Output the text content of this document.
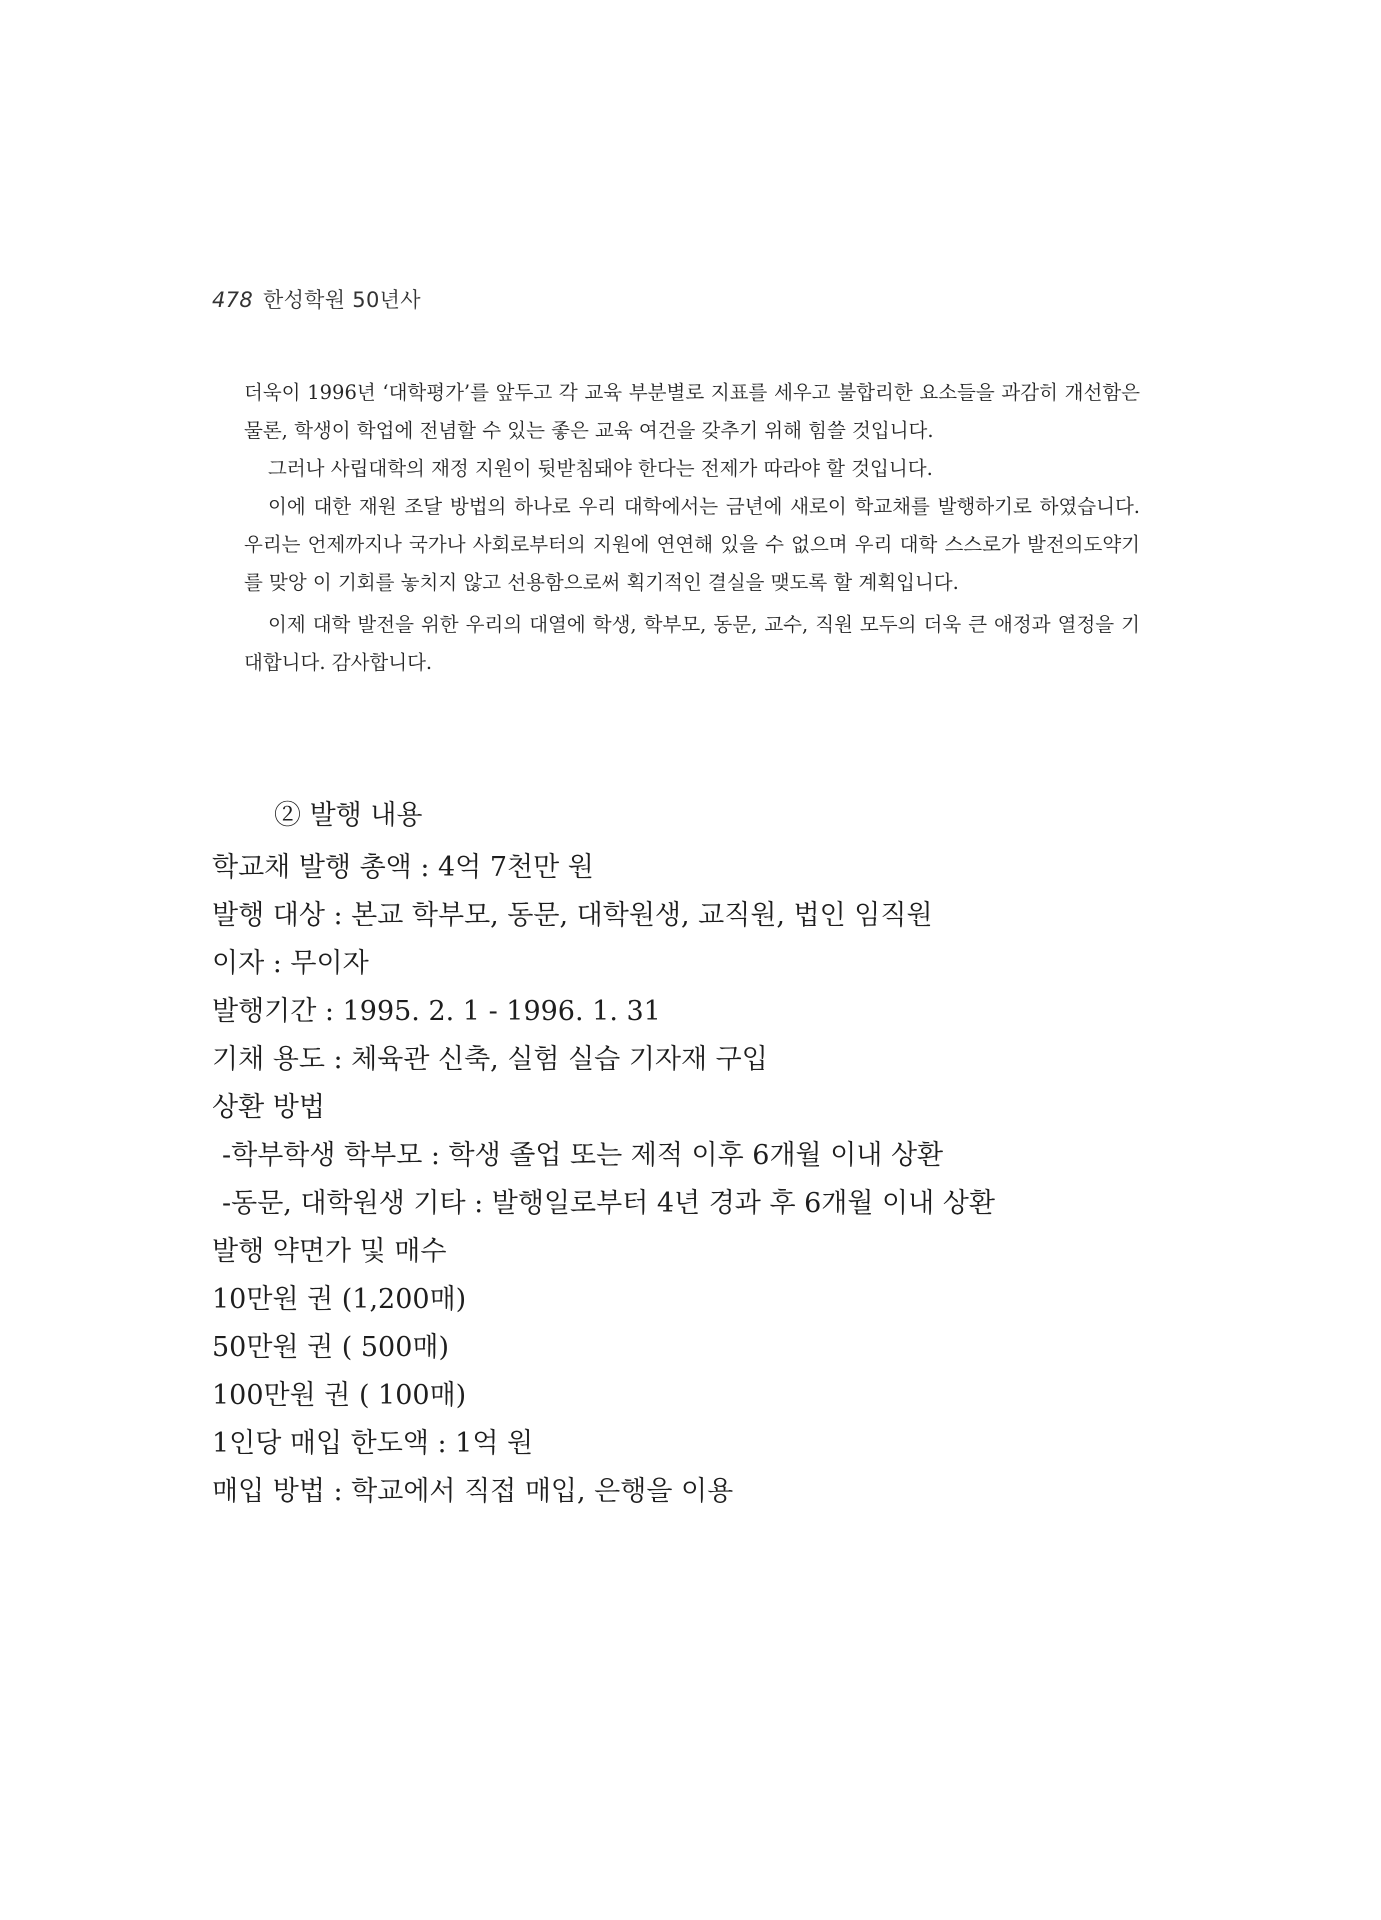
478 한성학원 50년사

더욱이 1996년 ‘대학평가’를 앞두고 각 교육 부분별로 지표를 세우고 불합리한 요소들을 과감히 개선함은 물론, 학생이 학업에 전념할 수 있는 좋은 교육 여건을 갖추기 위해 힘쓸 것입니다.

그러나 사립대학의 재정 지원이 뒷받침돼야 한다는 전제가 따라야 할 것입니다.

이에 대한 재원 조달 방법의 하나로 우리 대학에서는 금년에 새로이 학교채를 발행하기로 하였습니다. 우리는 언제까지나 국가나 사회로부터의 지원에 연연해 있을 수 없으며 우리 대학 스스로가 발전의도약기를 맞앙 이 기회를 놓치지 않고 선용함으로써 획기적인 결실을 맺도록 할 계획입니다.

이제 대학 발전을 위한 우리의 대열에 학생, 학부모, 동문, 교수, 직원 모두의 더욱 큰 애정과 열정을 기대합니다. 감사합니다.

② 발행 내용
학교채 발행 총액 : 4억 7천만 원
발행 대상 : 본교 학부모, 동문, 대학원생, 교직원, 법인 임직원
이자 : 무이자
발행기간 : 1995. 2. 1 - 1996. 1. 31
기채 용도 : 체육관 신축, 실험 실습 기자재 구입
상환 방법
-학부학생 학부모 : 학생 졸업 또는 제적 이후 6개월 이내 상환
-동문, 대학원생 기타 : 발행일로부터 4년 경과 후 6개월 이내 상환
발행 약면가 및 매수
10만원 권 (1,200매)
50만원 권 ( 500매)
100만원 권 ( 100매)
1인당 매입 한도액 : 1억 원
매입 방법 : 학교에서 직접 매입, 은행을 이용
